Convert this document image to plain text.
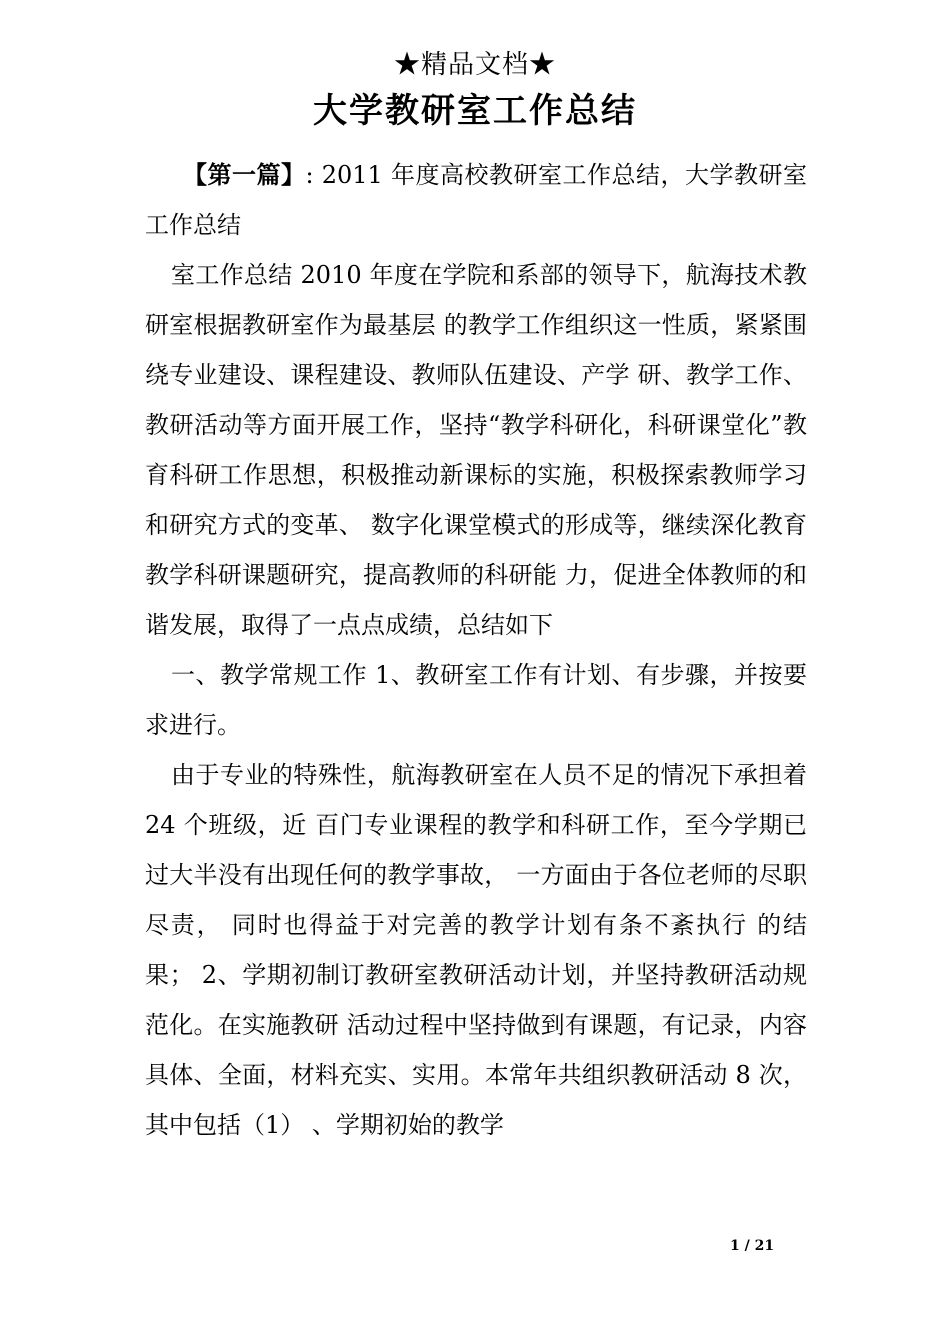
★精品文档★
大学教研室工作总结

【第一篇】: 2011 年度高校教研室工作总结，大学教研室工作总结

室工作总结 2010 年度在学院和系部的领导下，航海技术教研室根据教研室作为最基层 的教学工作组织这一性质，紧紧围绕专业建设、课程建设、教师队伍建设、产学 研、教学工作、教研活动等方面开展工作，坚持“教学科研化，科研课堂化”教 育科研工作思想，积极推动新课标的实施，积极探索教师学习和研究方式的变革、 数字化课堂模式的形成等，继续深化教育教学科研课题研究，提高教师的科研能 力，促进全体教师的和谐发展，取得了一点点成绩，总结如下

一、教学常规工作 1、教研室工作有计划、有步骤，并按要求进行。

由于专业的特殊性，航海教研室在人员不足的情况下承担着 24 个班级，近 百门专业课程的教学和科研工作，至今学期已过大半没有出现任何的教学事故， 一方面由于各位老师的尽职尽责， 同时也得益于对完善的教学计划有条不紊执行 的结果； 2、学期初制订教研室教研活动计划，并坚持教研活动规范化。在实施教研 活动过程中坚持做到有课题，有记录，内容具体、全面，材料充实、实用。本常年共组织教研活动 8 次， 其中包括（1） 、学期初始的教学

1 / 21
